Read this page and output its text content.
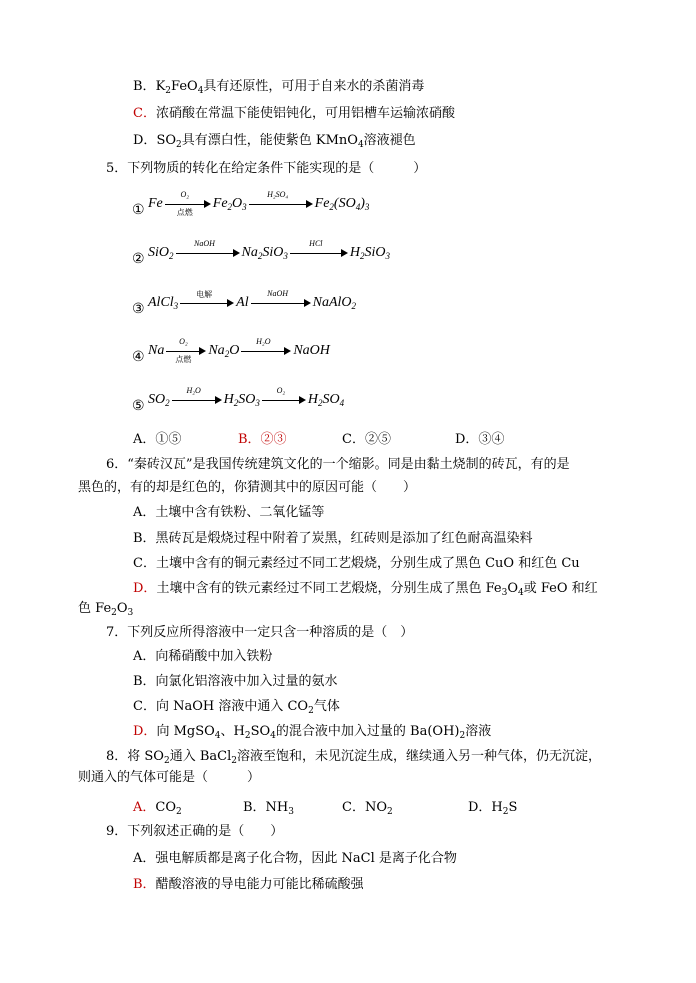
B．$K_2FeO_4$具有还原性，可用于自来水的杀菌消毒
C．浓硝酸在常温下能使铝钝化，可用铝槽车运输浓硝酸
D．$SO_2$具有漂白性，能使紫色 KMnO$_4$溶液褪色
5．下列物质的转化在给定条件下能实现的是（　　　）
① Fe
O₂
点燃
$Fe_2O_3$
H₂SO₄
$Fe_2(SO_4)_3$
② SiO$_2$
NaOH
$Na_2SiO_3$
HCl
$H_2SiO_3$
③ AlCl$_3$
电解
Al
NaOH
NaAlO$_2$
④ Na
O₂
点燃
$Na_2O$
H₂O
NaOH
⑤ $SO_2$
H₂O
$H_2SO_3$
O₂
$H_2SO_4$
A．①⑤	B．②③	C．②⑤	D．③④
6．“秦砖汉瓦”是我国传统建筑文化的一个缩影。同是由黏土烧制的砖瓦，有的是
黑色的，有的却是红色的，你猜测其中的原因可能（　　）
A．土壤中含有铁粉、二氧化锰等
B．黑砖瓦是煅烧过程中附着了炭黑，红砖则是添加了红色耐高温染料
C．土壤中含有的铜元素经过不同工艺煅烧，分别生成了黑色 CuO 和红色 Cu
D．土壤中含有的铁元素经过不同工艺煅烧，分别生成了黑色 $Fe_3O_4$或 FeO 和红
色 $Fe_2O_3$
7．下列反应所得溶液中一定只含一种溶质的是（　）
A．向稀硝酸中加入铁粉
B．向氯化铝溶液中加入过量的氨水
C．向 NaOH 溶液中通入 $CO_2$气体
D．向 MgSO$_4$、$H_2SO_4$的混合液中加入过量的 $Ba(OH)_2$溶液
8．将 $SO_2$通入 BaCl$_2$溶液至饱和，未见沉淀生成，继续通入另一种气体，仍无沉淀，
则通入的气体可能是（　　　）
A．$CO_2$	B．$NH_3$	C．$NO_2$	D．$H_2S$
9．下列叙述正确的是（　　）
A．强电解质都是离子化合物，因此 NaCl 是离子化合物
B．醋酸溶液的导电能力可能比稀硫酸强
